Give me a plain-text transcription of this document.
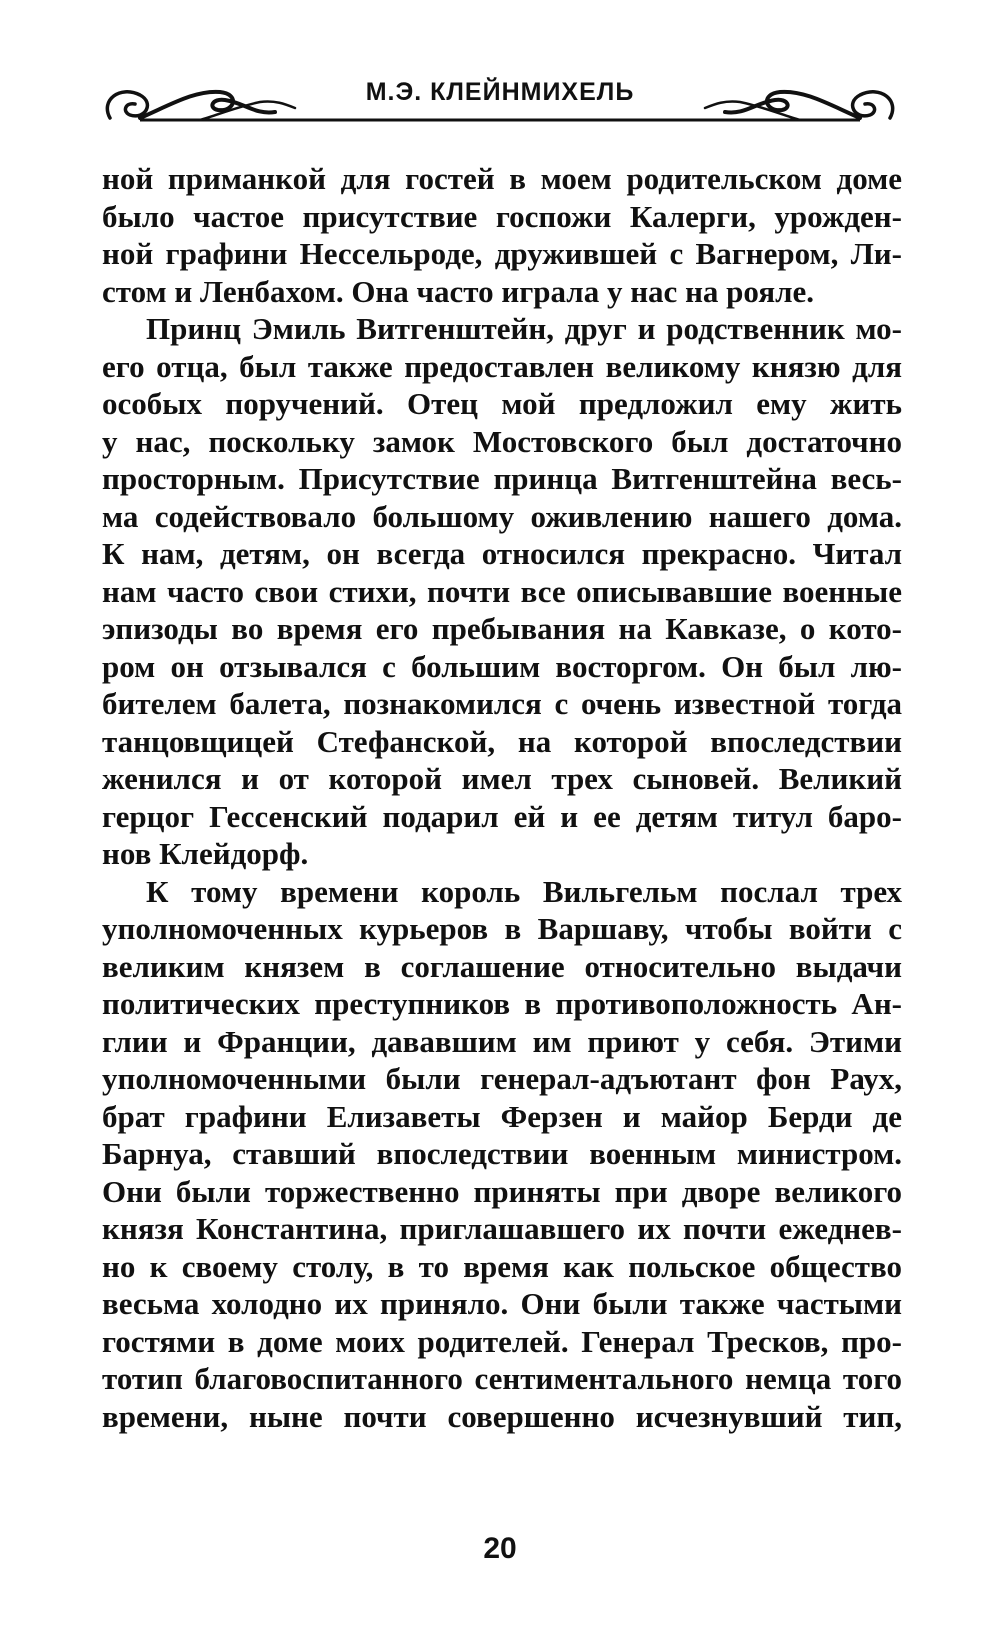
М.Э. КЛЕЙНМИХЕЛЬ
ной приманкой для гостей в моем родительском доме
было частое присутствие госпожи Калерги, урожден-
ной графини Нессельроде, дружившей с Вагнером, Ли-
стом и Ленбахом. Она часто играла у нас на рояле.
Принц Эмиль Витгенштейн, друг и родственник мо-
его отца, был также предоставлен великому князю для
особых поручений. Отец мой предложил ему жить
у нас, поскольку замок Мостовского был достаточно
просторным. Присутствие принца Витгенштейна весь-
ма содействовало большому оживлению нашего дома.
К нам, детям, он всегда относился прекрасно. Читал
нам часто свои стихи, почти все описывавшие военные
эпизоды во время его пребывания на Кавказе, о кото-
ром он отзывался с большим восторгом. Он был лю-
бителем балета, познакомился с очень известной тогда
танцовщицей Стефанской, на которой впоследствии
женился и от которой имел трех сыновей. Великий
герцог Гессенский подарил ей и ее детям титул баро-
нов Клейдорф.
К тому времени король Вильгельм послал трех
уполномоченных курьеров в Варшаву, чтобы войти с
великим князем в соглашение относительно выдачи
политических преступников в противоположность Ан-
глии и Франции, дававшим им приют у себя. Этими
уполномоченными были генерал-адъютант фон Раух,
брат графини Елизаветы Ферзен и майор Берди де
Барнуа, ставший впоследствии военным министром.
Они были торжественно приняты при дворе великого
князя Константина, приглашавшего их почти ежеднев-
но к своему столу, в то время как польское общество
весьма холодно их приняло. Они были также частыми
гостями в доме моих родителей. Генерал Тресков, про-
тотип благовоспитанного сентиментального немца того
времени, ныне почти совершенно исчезнувший тип,
20
